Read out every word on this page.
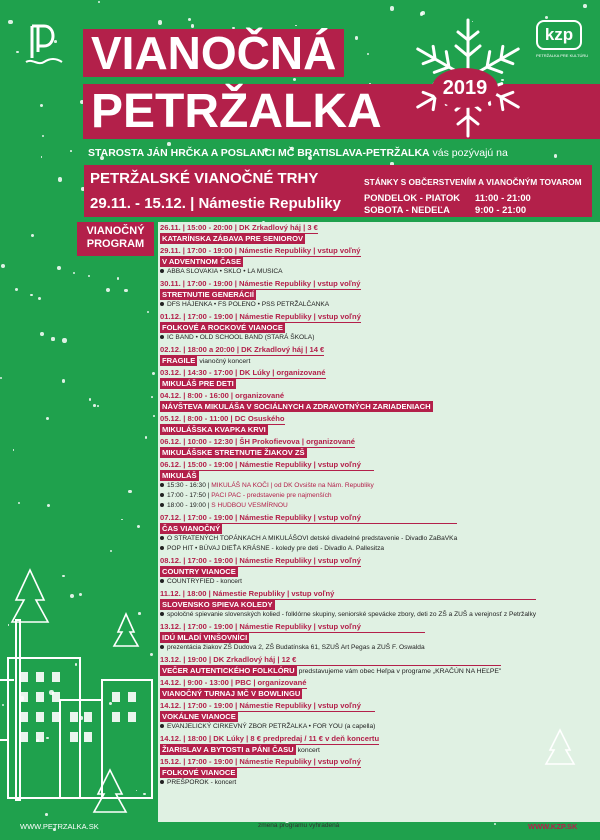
VIANOČNÁ
PETRŽALKA	2019
kzp
PETRŽALKA PRE KULTÚRU
STAROSTA JÁN HRČKA A POSLANCI MČ BRATISLAVA-PETRŽALKA vás pozývajú na
PETRŽALSKÉ VIANOČNÉ TRHY
29.11. - 15.12. | Námestie Republiky
STÁNKY S OBČERSTVENÍM A VIANOČNÝM TOVAROM
PONDELOK - PIATOK 11:00 - 21:00
SOBOTA - NEDEĽA	9:00 - 21:00
VIANOČNÝ
PROGRAM
26.11. | 15:00 - 20:00 | DK Zrkadlový háj | 3 €
KATARÍNSKA ZÁBAVA PRE SENIOROV
29.11. | 17:00 - 19:00 | Námestie Republiky | vstup voľný
V ADVENTNOM ČASE
ABBA SLOVAKIA • SKLO • LA MUSICA
30.11. | 17:00 - 19:00 | Námestie Republiky | vstup voľný
STRETNUTIE GENERÁCIÍ
DFS HÁJENKA • FS POLENO • PSS PETRŽALČANKA
01.12. | 17:00 - 19:00 | Námestie Republiky | vstup voľný
FOLKOVÉ A ROCKOVÉ VIANOCE
IC BAND • OLD SCHOOL BAND (STARÁ ŠKOLA)
02.12. | 18:00 a 20:00 | DK Zrkadlový háj | 14 €
FRAGILE vianočný koncert
03.12. | 14:30 - 17:00 | DK Lúky | organizované
MIKULÁŠ PRE DETI
04.12. | 8:00 - 16:00 | organizované
NÁVŠTEVA MIKULÁŠA V SOCIÁLNYCH A ZDRAVOTNÝCH ZARIADENIACH
05.12. | 8:00 - 11:00 | DC Osuského
MIKULÁŠSKA KVAPKA KRVI
06.12. | 10:00 - 12:30 | ŠH Prokofievova | organizované
MIKULÁŠSKE STRETNUTIE ŽIAKOV ZŠ
06.12. | 15:00 - 19:00 | Námestie Republiky | vstup voľný
MIKULÁŠ
15:30 - 16:30 | MIKULÁŠ NA KOČI | od DK Ovsište na Nám. Republiky
17:00 - 17:50 | PACI PAC - predstavenie pre najmenších
18:00 - 19:00 | S HUDBOU VESMÍRNOU
07.12. | 17:00 - 19:00 | Námestie Republiky | vstup voľný
ČAS VIANOČNÝ
O STRATENÝCH TOPÁNKACH A MIKULÁŠOVI detské divadelné predstavenie - Divadlo ZaBaVKa
POP HIT • BÚVAJ DIEŤA KRÁSNE - koledy pre deti - Divadlo A. Pallesitza
08.12. | 17:00 - 19:00 | Námestie Republiky | vstup voľný
COUNTRY VIANOCE
COUNTRYFIED - koncert
11.12. | 18:00 | Námestie Republiky | vstup voľný
SLOVENSKO SPIEVA KOLEDY
spoločné spievanie slovenských kolied - folklórne skupiny, seniorské spevácke zbory, deti zo ZŠ a ZUŠ a verejnosť z Petržalky
13.12. | 17:00 - 19:00 | Námestie Republiky | vstup voľný
IDÚ MLADÍ VINŠOVNÍCI
prezentácia žiakov ZŠ Dudova 2, ZŠ Budatínska 61, SZUŠ Art Pegas a ZUŠ F. Oswalda
13.12. | 19:00 | DK Zrkadlový háj | 12 €
VEČER AUTENTICKÉHO FOLKLÓRU predstavujeme vám obec Heľpa v programe „KRAČÚN NA HEĽPE"
14.12. | 9:00 - 13:00 | PBC | organizované
VIANOČNÝ TURNAJ MČ V BOWLINGU
14.12. | 17:00 - 19:00 | Námestie Republiky | vstup voľný
VOKÁLNE VIANOCE
EVANJELICKÝ CIRKEVNÝ ZBOR PETRŽALKA • FOR YOU (a capella)
14.12. | 18:00 | DK Lúky | 8 € predpredaj / 11 € v deň koncertu
ŽIARISLAV A BYTOSTI a PÁNI ČASU koncert
15.12. | 17:00 - 19:00 | Námestie Republiky | vstup voľný
FOLKOVÉ VIANOCE
PREŠPOROK - koncert
WWW.PETRZALKA.SK	zmena programu vyhradená	WWW.KZP.SK
